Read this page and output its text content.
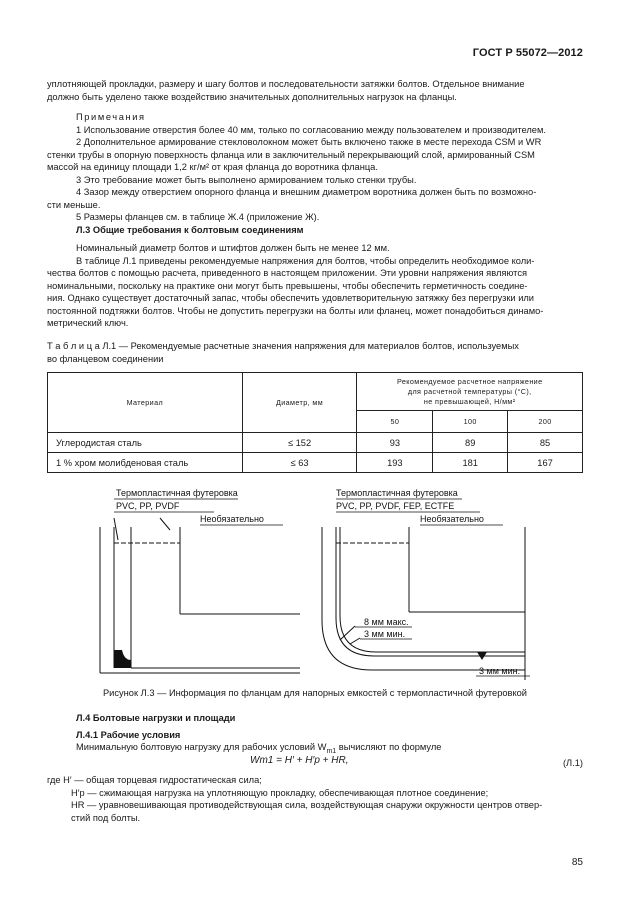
ГОСТ Р 55072—2012
уплотняющей прокладки, размеру и шагу болтов и последовательности затяжки болтов. Отдельное внимание
должно быть уделено также воздействию значительных дополнительных нагрузок на фланцы.
Примечания
1 Использование отверстия более 40 мм, только по согласованию между пользователем и производителем.
2 Дополнительное армирование стекловолокном может быть включено также в месте перехода CSM и WR
стенки трубы в опорную поверхность фланца или в заключительный перекрывающий слой, армированный CSM
массой на единицу площади 1,2 кг/м² от края фланца до воротника фланца.
3 Это требование может быть выполнено армированием только стенки трубы.
4 Зазор между отверстием опорного фланца и внешним диаметром воротника должен быть по возможно-
сти меньше.
5 Размеры фланцев см. в таблице Ж.4 (приложение Ж).
Л.3 Общие требования к болтовым соединениям
Номинальный диаметр болтов и штифтов должен быть не менее 12 мм.
В таблице Л.1 приведены рекомендуемые напряжения для болтов, чтобы определить необходимое коли-
чества болтов с помощью расчета, приведенного в настоящем приложении. Эти уровни напряжения являются
номинальными, поскольку на практике они могут быть превышены, чтобы обеспечить герметичность соедине-
ния. Однако существует достаточный запас, чтобы обеспечить удовлетворительную затяжку без перегрузки или
постоянной подтяжки болтов. Чтобы не допустить перегрузки на болты или фланец, может понадобиться динамо-
метрический ключ.
Т а б л и ц а Л.1 — Рекомендуемые расчетные значения напряжения для материалов болтов, используемых
во фланцевом соединении
Материал	Диаметр, мм	Рекомендуемое расчетное напряжение
для расчетной температуры (°С),
не превышающей, Н/мм²		

		50	100	200
Углеродистая сталь	≤ 152	93	89	85
1 % хром молибденовая сталь	≤ 63	193	181	167
Термопластичная футеровка
PVC, PP, PVDF
Необязательно
Термопластичная футеровка
PVC, PP, PVDF, FEP, ECTFE
Необязательно
8 мм макс.
3 мм мин.
3 мм мин.
Рисунок Л.3 — Информация по фланцам для напорных емкостей с термопластичной футеровкой
Л.4 Болтовые нагрузки и площади
Л.4.1 Рабочие условия
Минимальную болтовую нагрузку для рабочих условий $W_{m1}$ вычисляют по формуле
Wm1 = H′ + H′p + HR,	(Л.1)
где H′ — общая торцевая гидростатическая сила;
H′p — сжимающая нагрузка на уплотняющую прокладку, обеспечивающая плотное соединение;
HR — уравновешивающая противодействующая сила, воздействующая снаружи окружности центров отвер-
стий под болты.
85
